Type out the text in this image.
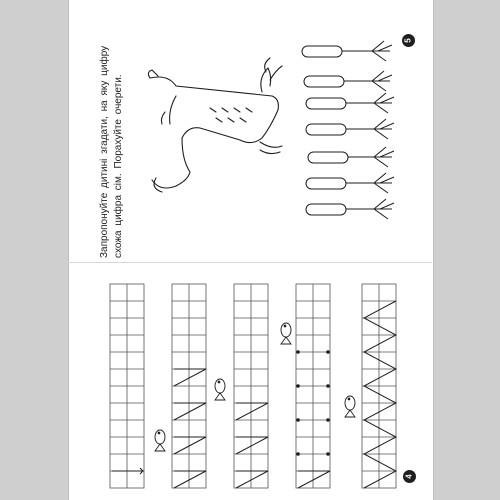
Запропонуйте дитині згадати, на яку цифру схожа цифра сім. Порахуйте очерети.
5
4
